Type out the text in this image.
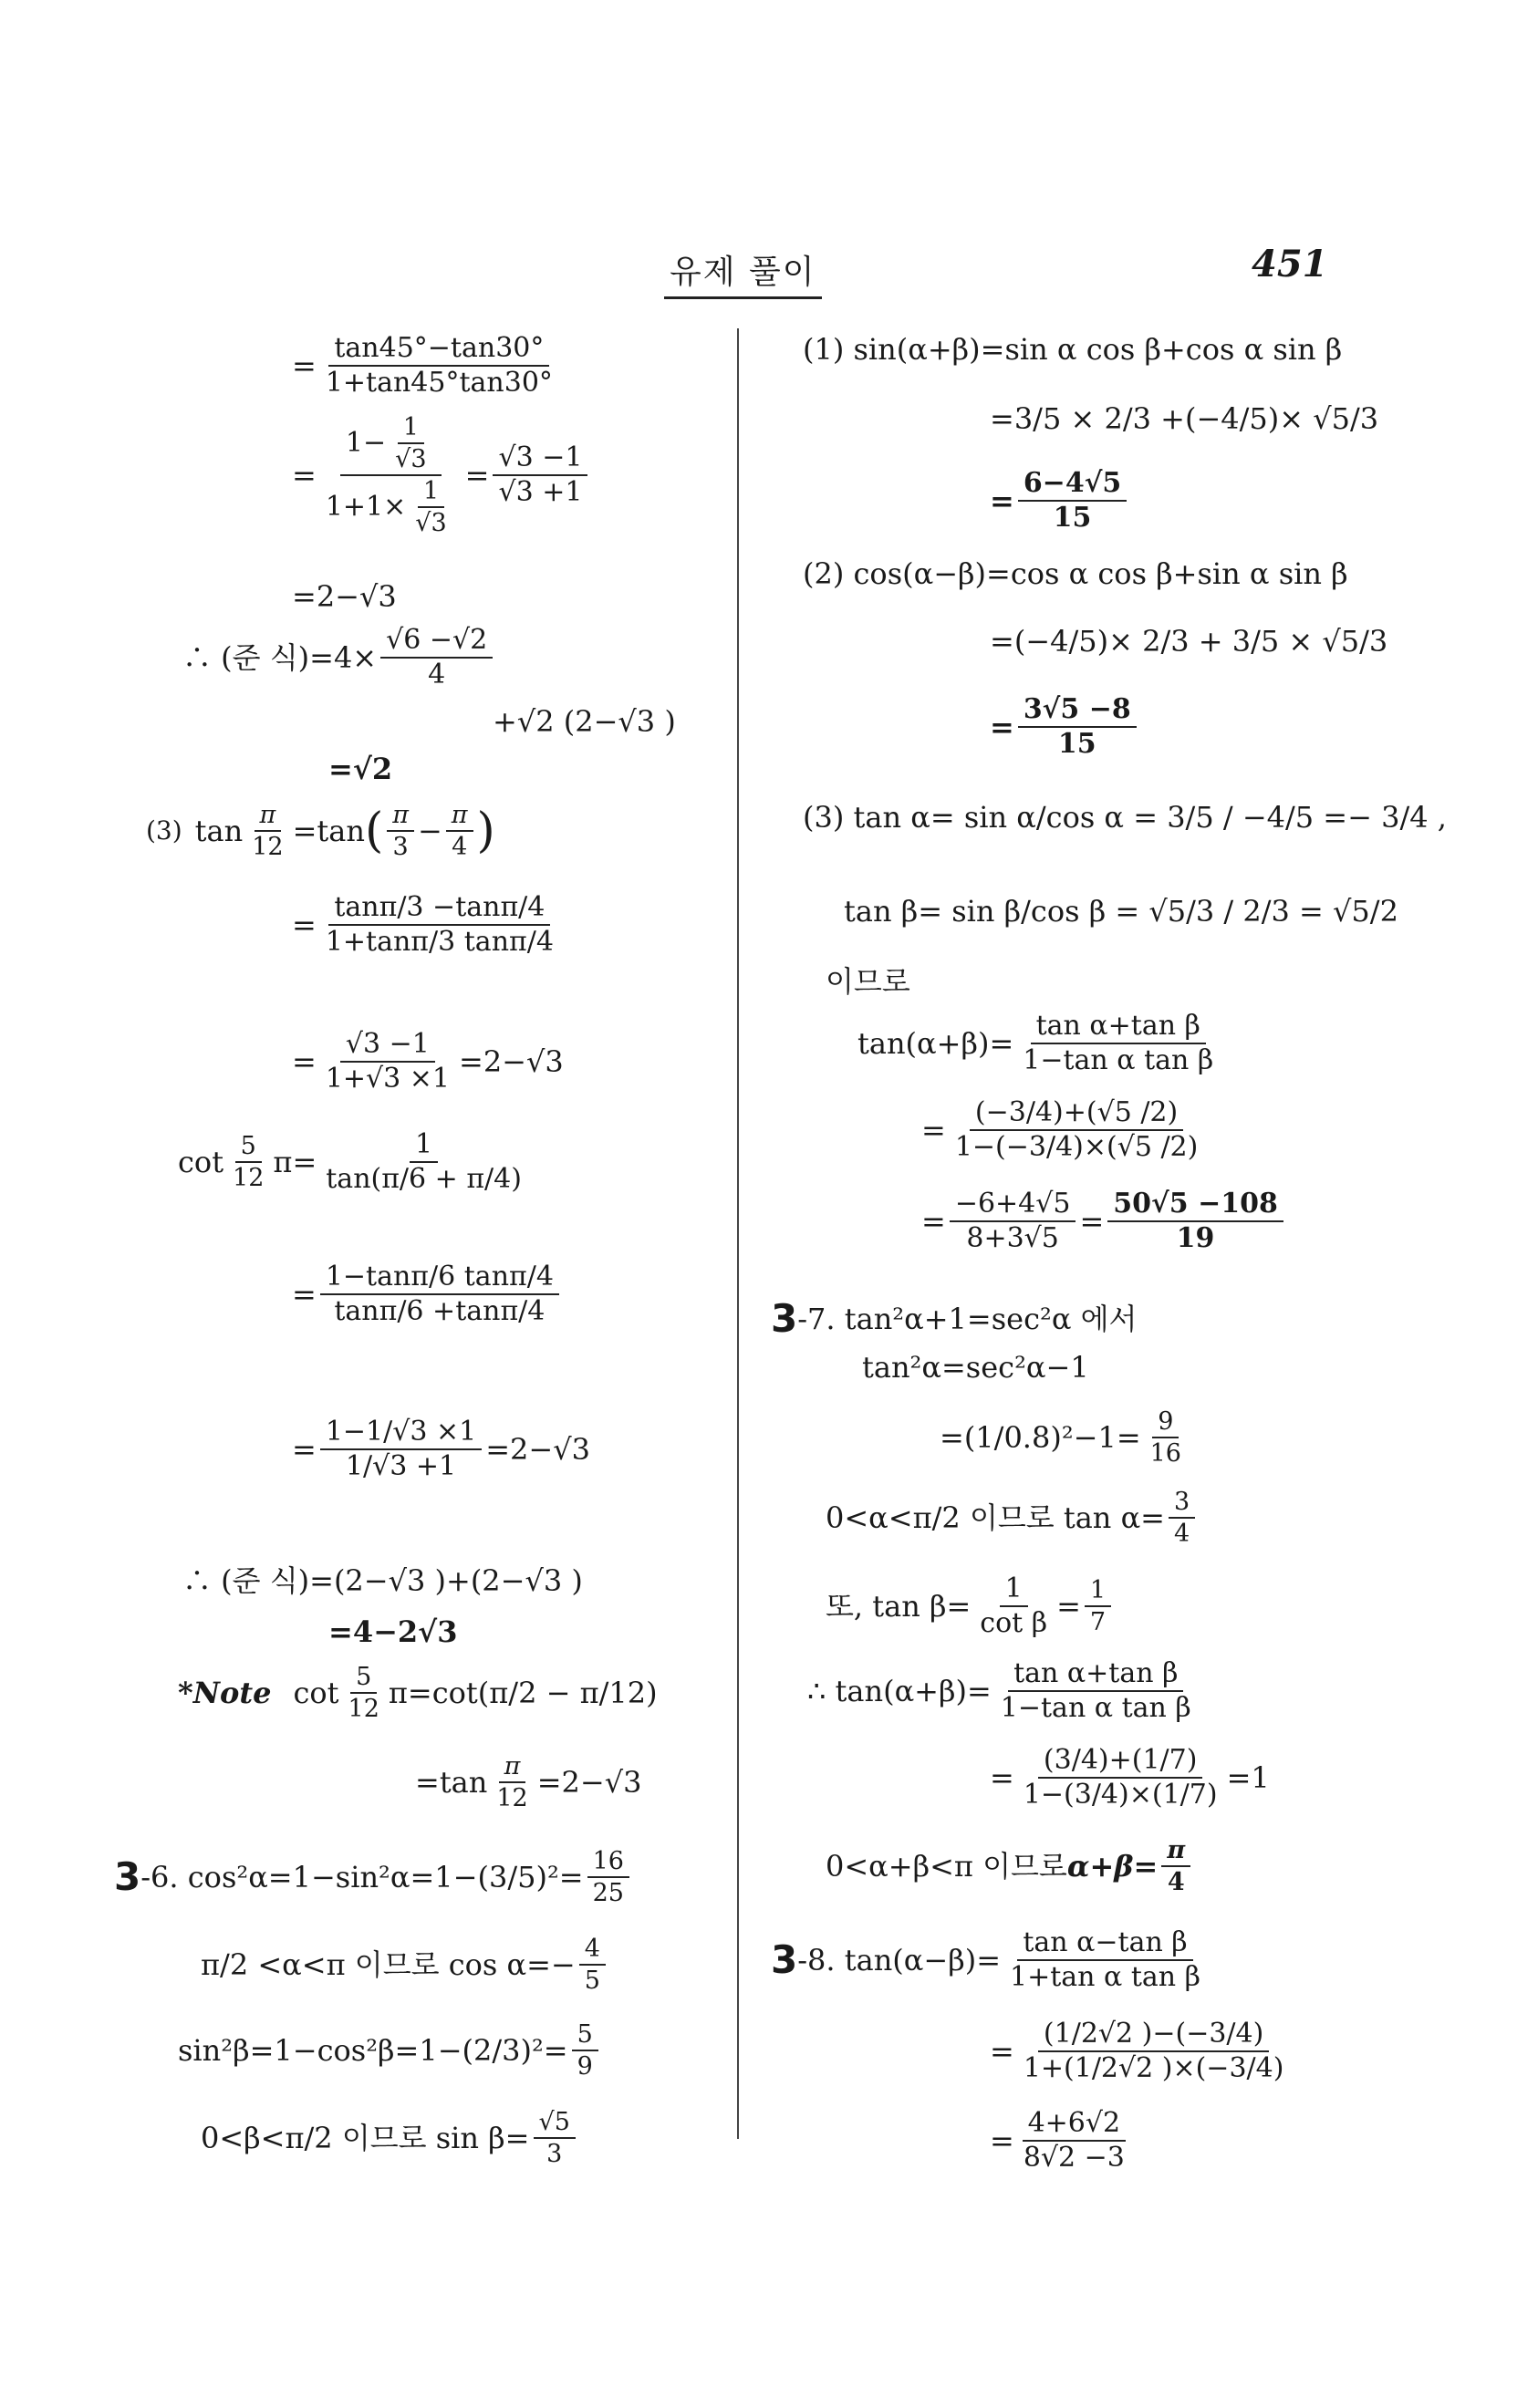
유제 풀이	451
= $\frac{\tan 45^\circ-\tan 30^\circ}{1+\tan 45^\circ\tan 30^\circ}$
= $\frac{1- \frac{1}{√3}}{1+1\times \frac{1}{√3}} = \frac{√3 -1}{√3 +1}$
=2−√3
∴ (준 식)$=4\times \frac{√6 -√2}{4}$
+√2 (2−√3 )
=√2
(3) $\tan \frac{\pi}{12} =\tan$ ( π
$3 - \frac{\pi}{4}$ )
= $\frac{\tan\pi/3 -\tan\pi/4}{1+\tan\pi/3 \tan\pi/4}$
= $\frac{√3 -1}{1+√3 \times 1} =2-√3$
cot 5
12 $\pi= \frac{1}{\tan(\pi/6 + \pi/4)}$
= $\frac{1-\tan\pi/6 \tan\pi/4}{\tan\pi/6 +\tan\pi/4}$
= $\frac{1-1/√3 \times 1}{1/√3 +1} =2-√3$
∴ (준 식)=(2−√3 )+(2−√3 )
=4−2√3
*Note cot 5
12 π=cot(π/2 − π/12)
$=\tan \frac{\pi}{12} =2-√3$
3 -6. $\cos^2\alpha=1-\sin^2\alpha=1-(3/5)^2= \frac{16}{25}$
π/2 <α<π 이므로 $\cos \alpha=- \frac{4}{5}$
$\sin^2\beta=1-\cos^2\beta=1-(2/3)^2= \frac{5}{9}$
0<β<π/2 이므로 $\sin \beta= \frac{√5}{3}$
(1) sin(α+β)=sin α cos β+cos α sin β
=3/5 × 2/3 +(−4/5)× √5/3
= $\frac{6-4√5}{15}$
(2) cos(α−β)=cos α cos β+sin α sin β
=(−4/5)× 2/3 + 3/5 × √5/3
= $\frac{3√5 -8}{15}$
(3) tan α= sin α/cos α = 3/5 / −4/5 =− 3/4 ,
tan β= sin β/cos β = √5/3 / 2/3 = √5/2
이므로
$\tan(\alpha+\beta)= \frac{\text{tan α+tan β}}{\text{1−tan α tan β}}$
= $\frac{(-3/4)+(√5 /2)}{1-(-3/4)\times(√5 /2)}$
= $\frac{-6+4√5}{8+3√5} = \frac{50√5 -108}{19}$
3 -7. tan²α+1=sec²α 에서
tan²α=sec²α−1
$=(1/0.8)^2-1= \frac{9}{16}$
0<α<π/2 이므로 $\tan \alpha= \frac{3}{4}$
또, $\tan \beta= \frac{1}{\text{cot β}} = \frac{1}{7}$
∴ $\tan(\alpha+\beta)= \frac{\text{tan α+tan β}}{\text{1−tan α tan β}}$
= $\frac{(3/4)+(1/7)}{1-(3/4)\times(1/7)} =1$
0<α+β<π 이므로 $\alpha+\beta= \frac{\pi}{4}$
3 -8. $\tan(\alpha-\beta)= \frac{\text{tan α−tan β}}{\text{1+tan α tan β}}$
= $\frac{(1/2√2 )-(-3/4)}{1+(1/2√2 )\times(-3/4)}$
= $\frac{4+6√2}{8√2 -3}$
